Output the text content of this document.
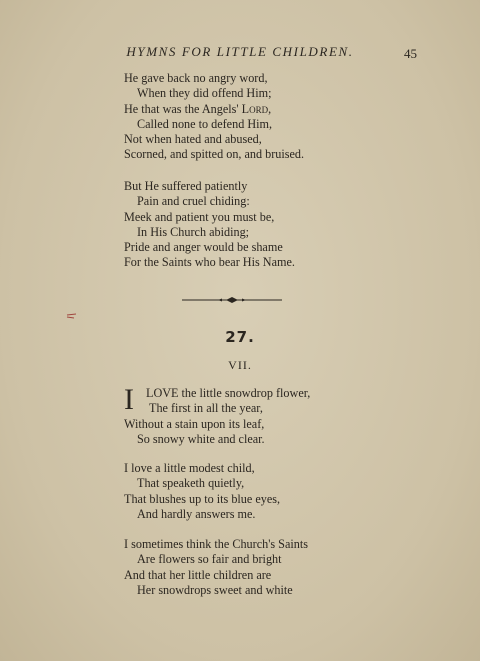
HYMNS FOR LITTLE CHILDREN.	45
He gave back no angry word,
When they did offend Him;
He that was the Angels' Lord,
Called none to defend Him,
Not when hated and abused,
Scorned, and spitted on, and bruised.
But He suffered patiently
Pain and cruel chiding:
Meek and patient you must be,
In His Church abiding;
Pride and anger would be shame
For the Saints who bear His Name.
27.
VII.
I LOVE the little snowdrop flower,
The first in all the year,
Without a stain upon its leaf,
So snowy white and clear.
I love a little modest child,
That speaketh quietly,
That blushes up to its blue eyes,
And hardly answers me.
I sometimes think the Church's Saints
Are flowers so fair and bright
And that her little children are
Her snowdrops sweet and white
